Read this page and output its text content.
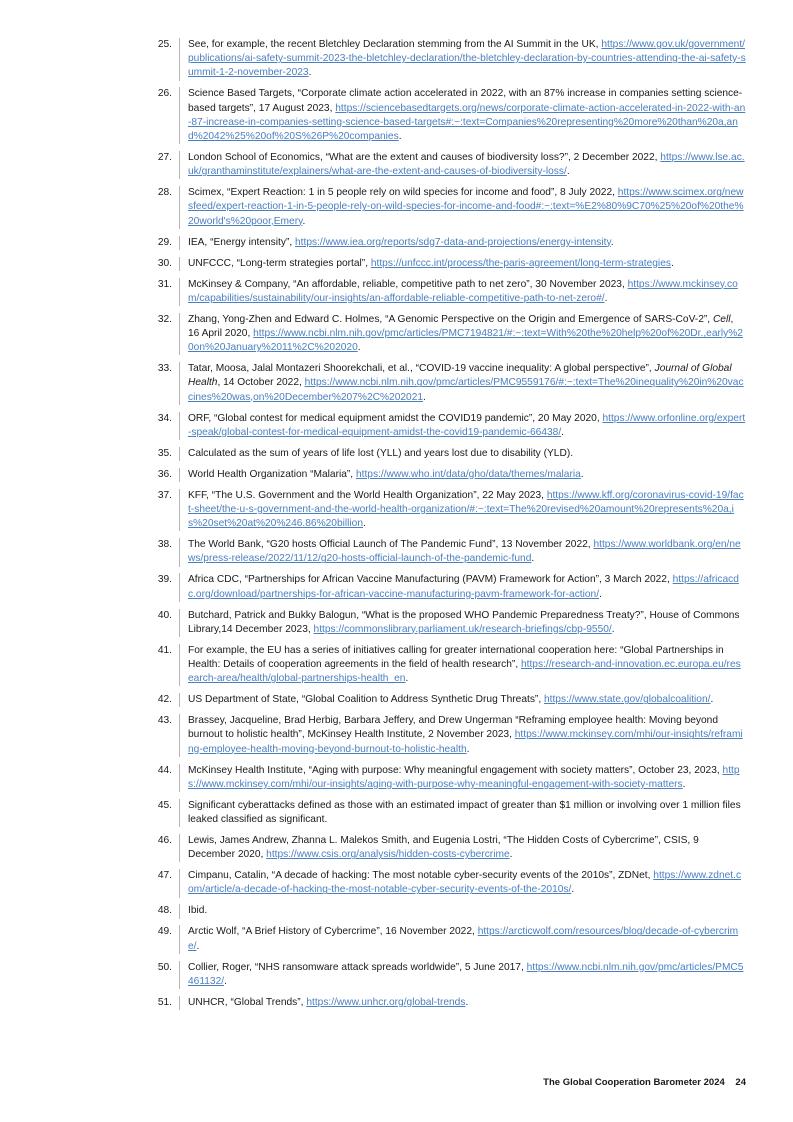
25.	See, for example, the recent Bletchley Declaration stemming from the AI Summit in the UK, https://www.gov.uk/government/publications/ai-safety-summit-2023-the-bletchley-declaration/the-bletchley-declaration-by-countries-attending-the-ai-safety-summit-1-2-november-2023.
26.	Science Based Targets, “Corporate climate action accelerated in 2022, with an 87% increase in companies setting science-based targets”, 17 August 2023, https://sciencebasedtargets.org/news/corporate-climate-action-accelerated-in-2022-with-an-87-increase-in-companies-setting-science-based-targets#:~:text=Companies%20representing%20more%20than%20a,and%2042%25%20of%20S%26P%20companies.
27.	London School of Economics, “What are the extent and causes of biodiversity loss?”, 2 December 2022, https://www.lse.ac.uk/granthaminstitute/explainers/what-are-the-extent-and-causes-of-biodiversity-loss/.
28.	Scimex, “Expert Reaction: 1 in 5 people rely on wild species for income and food”, 8 July 2022, https://www.scimex.org/newsfeed/expert-reaction-1-in-5-people-rely-on-wild-species-for-income-and-food#:~:text=%E2%80%9C70%25%20of%20the%20world's%20poor,Emery.
29.	IEA, “Energy intensity”, https://www.iea.org/reports/sdg7-data-and-projections/energy-intensity.
30.	UNFCCC, “Long-term strategies portal”, https://unfccc.int/process/the-paris-agreement/long-term-strategies.
31.	McKinsey & Company, “An affordable, reliable, competitive path to net zero”, 30 November 2023, https://www.mckinsey.com/capabilities/sustainability/our-insights/an-affordable-reliable-competitive-path-to-net-zero#/.
32.	Zhang, Yong-Zhen and Edward C. Holmes, “A Genomic Perspective on the Origin and Emergence of SARS-CoV-2”, Cell, 16 April 2020, https://www.ncbi.nlm.nih.gov/pmc/articles/PMC7194821/#:~:text=With%20the%20help%20of%20Dr.,early%20on%20January%2011%2C%202020.
33.	Tatar, Moosa, Jalal Montazeri Shoorekchali, et al., “COVID-19 vaccine inequality: A global perspective”, Journal of Global Health, 14 October 2022, https://www.ncbi.nlm.nih.gov/pmc/articles/PMC9559176/#:~:text=The%20inequality%20in%20vaccines%20was,on%20December%207%2C%202021.
34.	ORF, “Global contest for medical equipment amidst the COVID19 pandemic”, 20 May 2020, https://www.orfonline.org/expert-speak/global-contest-for-medical-equipment-amidst-the-covid19-pandemic-66438/.
35.	Calculated as the sum of years of life lost (YLL) and years lost due to disability (YLD).
36.	World Health Organization “Malaria”, https://www.who.int/data/gho/data/themes/malaria.
37.	KFF, “The U.S. Government and the World Health Organization”, 22 May 2023, https://www.kff.org/coronavirus-covid-19/fact-sheet/the-u-s-government-and-the-world-health-organization/#:~:text=The%20revised%20amount%20represents%20a,is%20set%20at%20%246.86%20billion.
38.	The World Bank, “G20 hosts Official Launch of The Pandemic Fund”, 13 November 2022, https://www.worldbank.org/en/news/press-release/2022/11/12/g20-hosts-official-launch-of-the-pandemic-fund.
39.	Africa CDC, “Partnerships for African Vaccine Manufacturing (PAVM) Framework for Action”, 3 March 2022, https://africacdc.org/download/partnerships-for-african-vaccine-manufacturing-pavm-framework-for-action/.
40.	Butchard, Patrick and Bukky Balogun, “What is the proposed WHO Pandemic Preparedness Treaty?”, House of Commons Library,14 December 2023, https://commonslibrary.parliament.uk/research-briefings/cbp-9550/.
41.	For example, the EU has a series of initiatives calling for greater international cooperation here: “Global Partnerships in Health: Details of cooperation agreements in the field of health research”, https://research-and-innovation.ec.europa.eu/research-area/health/global-partnerships-health_en.
42.	US Department of State, “Global Coalition to Address Synthetic Drug Threats”, https://www.state.gov/globalcoalition/.
43.	Brassey, Jacqueline, Brad Herbig, Barbara Jeffery, and Drew Ungerman “Reframing employee health: Moving beyond burnout to holistic health”, McKinsey Health Institute, 2 November 2023, https://www.mckinsey.com/mhi/our-insights/reframing-employee-health-moving-beyond-burnout-to-holistic-health.
44.	McKinsey Health Institute, “Aging with purpose: Why meaningful engagement with society matters”, October 23, 2023, https://www.mckinsey.com/mhi/our-insights/aging-with-purpose-why-meaningful-engagement-with-society-matters.
45.	Significant cyberattacks defined as those with an estimated impact of greater than $1 million or involving over 1 million files leaked classified as significant.
46.	Lewis, James Andrew, Zhanna L. Malekos Smith, and Eugenia Lostri, “The Hidden Costs of Cybercrime”, CSIS, 9 December 2020, https://www.csis.org/analysis/hidden-costs-cybercrime.
47.	Cimpanu, Catalin, “A decade of hacking: The most notable cyber-security events of the 2010s”, ZDNet, https://www.zdnet.com/article/a-decade-of-hacking-the-most-notable-cyber-security-events-of-the-2010s/.
48.	Ibid.
49.	Arctic Wolf, “A Brief History of Cybercrime”, 16 November 2022, https://arcticwolf.com/resources/blog/decade-of-cybercrime/.
50.	Collier, Roger, “NHS ransomware attack spreads worldwide”, 5 June 2017, https://www.ncbi.nlm.nih.gov/pmc/articles/PMC5461132/.
51.	UNHCR, “Global Trends”, https://www.unhcr.org/global-trends.
The Global Cooperation Barometer 2024 24
